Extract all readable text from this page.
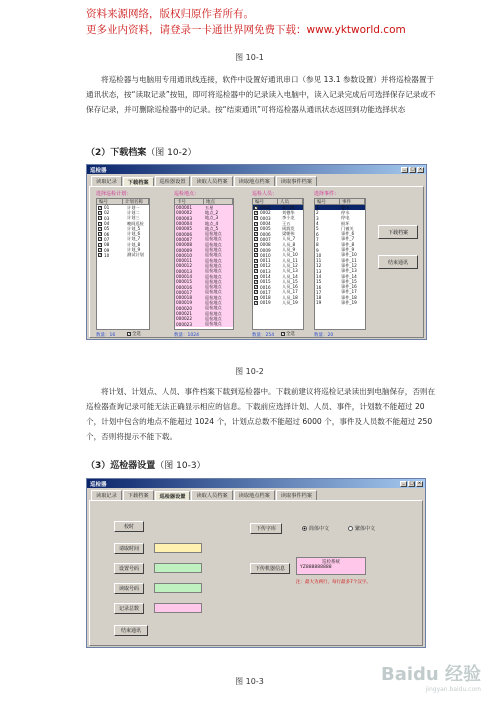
资料来源网络，版权归原作者所有。
更多业内资料，请登录一卡通世界网免费下载：www.yktworld.com
图 10-1
将巡检器与电脑用专用通讯线连接，软件中设置好通讯串口（参见 13.1 参数设置）并将巡检器置于通讯状态，按“读取记录”按钮，即可将巡检器中的记录读入电脑中，读入记录完成后可选择保存记录或不保存记录，并可删除巡检器中的记录。按“结束通讯”可将巡检器从通讯状态返回到功能选择状态
（2）下载档案（图 10-2）
巡检器	_	□ ×
读取记录	下载档案	巡检器设置	读取人员档案	读取地点档案	读取事件档案
选择巡检计划：
编号	计划名称
✓ 01	计划一
✓ 02	计划二
✓ 03	计划三
✓ 04	晚间巡检
✓ 05	计划_5
✓ 06	计划_6
✓ 07	计划_7
✓ 08	计划_8
✓ 09	计划_9
✓ 10	测试计划
数量：16	✓ 全选
巡检地点：
卡号	地点
000001	五星
000002	地点_2
000003	地点_3
000004	地点_4
000005	地点_5
000006	巡检地点
000007	巡检地点
000008	巡检地点
000009	巡检地点
000010	巡检地点
000011	巡检地点
000012	巡检地点
000013	巡检地点
000014	巡检地点
000015	巡检地点
000016	巡检地点
000017	巡检地点
000018	巡检地点
000019	巡检地点
000020	巡检地点
000021	巡检地点
000022	巡检地点
000023	巡检地点
数量：1024
巡检人员：
编号	人员
✓ 0001	张三峰
✓ 0002	刘德华
✓ 0003	李小龙
✓ 0004	王五
✓ 0005	周润发
✓ 0006	梁朝伟
✓ 0007	人员_7
✓ 0008	人员_8
✓ 0009	人员_9
✓ 0010	人员_10
✓ 0011	人员_11
✓ 0012	人员_12
✓ 0013	人员_13
✓ 0014	人员_14
✓ 0015	人员_15
✓ 0016	人员_16
✓ 0017	人员_17
✓ 0018	人员_18
✓ 0019	人员_19
数量：254 ✓ 全选
选择事件：
编号	事件
1	警卡
2	停水
3	停电
4	损坏
5	门被关
6	事件_6
7	事件_7
8	事件_8
9	事件_9
10	事件_10
11	事件_11
12	事件_12
13	事件_13
14	事件_14
15	事件_15
16	事件_16
17	事件_17
18	事件_18
19	事件_19
数量：20
下载档案
结束通讯
图 10-2
将计划、计划点、人员、事件档案下载到巡检器中。下载前建议将巡检记录读出到电脑保存，否则在巡检器查询记录可能无法正确显示相应的信息。下载前应选择计划、人员、事件，计划数不能超过 20 个，计划中包含的地点不能超过 1024 个，计划点总数不能超过 6000 个，事件及人员数不能超过 250 个，否则将提示不能下载。
（3）巡检器设置（图 10-3）
巡检器	_	□ ×
读取记录	下载档案	巡检器设置	读取人员档案	读取地点档案	读取事件档案
校时
请取时间
设置号码
读取号码
记录总数
结束通讯
下传字库	简体中文	繁体中文
下传机器信息
巡检系统
YZ888888888
注：最大为两行，每行最多7个汉字。
图 10-3	Baidu 经验
jingyan.baidu.com
